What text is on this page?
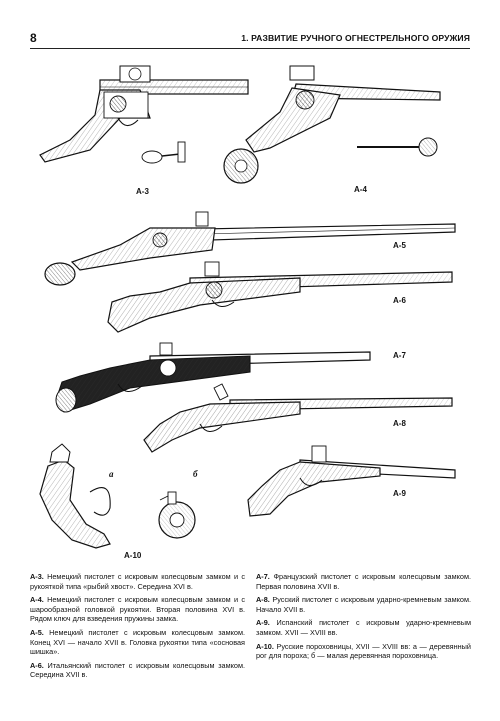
8	1. РАЗВИТИЕ РУЧНОГО ОГНЕСТРЕЛЬНОГО ОРУЖИЯ
A-3	A-4
A-5
A-6
A-7
A-8
A-9
а	б
A-10

A-3. Немецкий пистолет с искровым колесцовым замком и с рукояткой типа «рыбий хвост». Середина XVI в.

A-4. Немецкий пистолет с искровым колесцовым замком и с шарообразной головкой рукоятки. Вторая половина XVI в. Рядом ключ для взведения пружины замка.

A-5. Немецкий пистолет с искровым колесцовым замком. Конец XVI — начало XVII в. Головка рукоятки типа «сосновая шишка».

A-6. Итальянский пистолет с искровым колесцовым замком. Середина XVII в.

A-7. Французский пистолет с искровым колесцовым замком. Первая половина XVII в.

A-8. Русский пистолет с искровым ударно-кремневым замком. Начало XVII в.

A-9. Испанский пистолет с искровым ударно-кремневым замком. XVII — XVIII вв.

A-10. Русские пороховницы, XVII — XVIII вв: а — деревянный рог для пороха; б — малая деревянная пороховница.
